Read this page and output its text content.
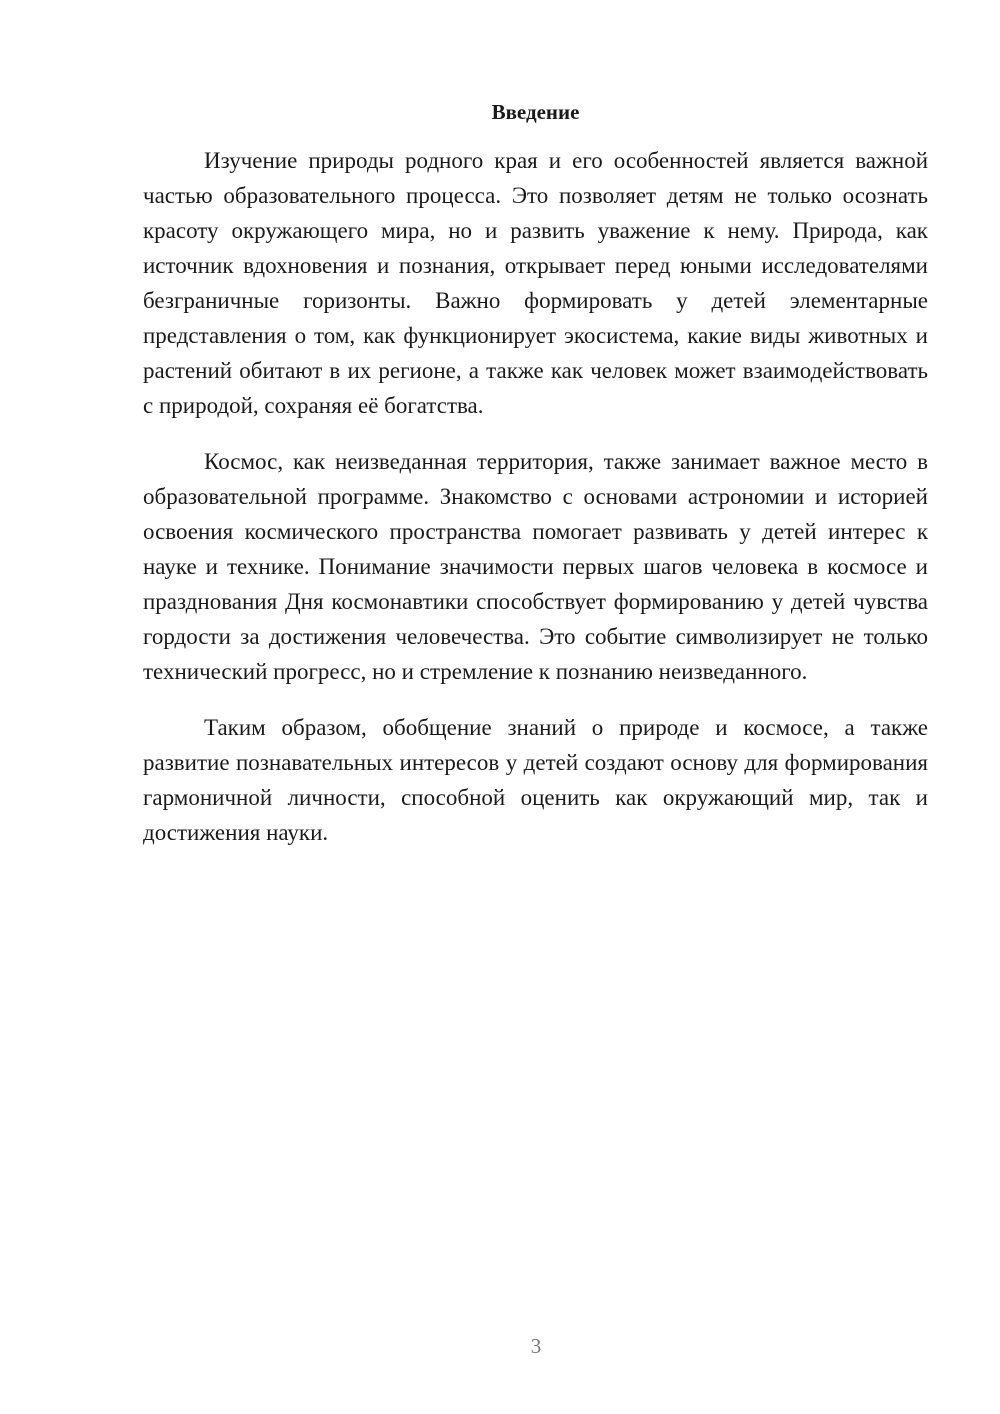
Введение

Изучение природы родного края и его особенностей является важной частью образовательного процесса. Это позволяет детям не только осознать красоту окружающего мира, но и развить уважение к нему. Природа, как источник вдохновения и познания, открывает перед юными исследователями безграничные горизонты. Важно формировать у детей элементарные представления о том, как функционирует экосистема, какие виды животных и растений обитают в их регионе, а также как человек может взаимодействовать с природой, сохраняя её богатства.

Космос, как неизведанная территория, также занимает важное место в образовательной программе. Знакомство с основами астрономии и историей освоения космического пространства помогает развивать у детей интерес к науке и технике. Понимание значимости первых шагов человека в космосе и празднования Дня космонавтики способствует формированию у детей чувства гордости за достижения человечества. Это событие символизирует не только технический прогресс, но и стремление к познанию неизведанного.

Таким образом, обобщение знаний о природе и космосе, а также развитие познавательных интересов у детей создают основу для формирования гармоничной личности, способной оценить как окружающий мир, так и достижения науки.

3
